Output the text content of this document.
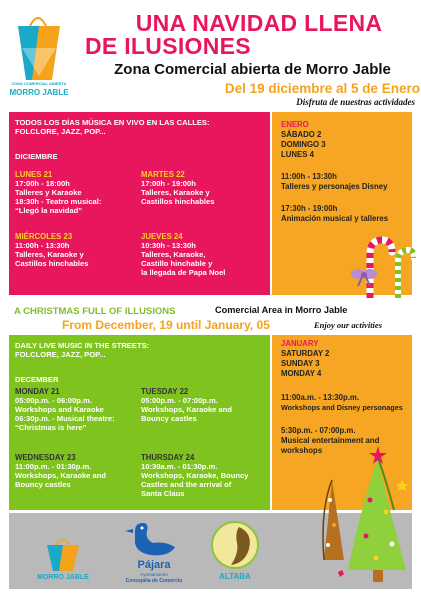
ZONA COMERCIAL ABIERTA
MORRO JABLE
UNA NAVIDAD LLENA
DE ILUSIONES
Zona Comercial abierta de Morro Jable
Del 19 diciembre al 5 de Enero
Disfruta de nuestras actividades
TODOS LOS DÍAS MÚSICA EN VIVO EN LAS CALLES:
FOLCLORE, JAZZ, POP...
DICIEMBRE
LUNES 21
17:00h - 18:00h
Talleres y Karaoke
18:30h - Teatro musical:
“Llegó la navidad”
MARTES 22
17:00h - 19:00h
Talleres, Karaoke y
Castillos hinchables
MIÉRCOLES 23
11:00h - 13:30h
Talleres, Karaoke y
Castillos hinchables
JUEVES 24
10:30h - 13:30h
Talleres, Karaoke,
Castillo hinchable y
la llegada de Papa Noel
ENERO
SÁBADO 2
DOMINGO 3
LUNES 4
11:00h - 13:30h
Talleres y personajes Disney
17:30h - 19:00h
Animación musical y talleres
A CHRISTMAS FULL OF ILLUSIONS	Comercial Area in Morro Jable
From December, 19 until January, 05	Enjoy our activities
DAILY LIVE MUSIC IN THE STREETS:
FOLCLORE, JAZZ, POP...
DECEMBER
MONDAY 21
05:00p.m. - 06:00p.m.
Workshops and Karaoke
06:30p.m. - Musical theatre:
“Christmas is here”
TUESDAY 22
05:00p.m. - 07:00p.m.
Workshops, Karaoke and
Bouncy castles
WEDNESDAY 23
11:00p.m. - 01:30p.m.
Workshops, Karaoke and
Bouncy castles
THURSDAY 24
10:30a.m. - 01:30p.m.
Workshops, Karaoke, Bouncy
Castles and the arrival of
Santa Claus
JANUARY
SATURDAY 2
SUNDAY 3
MONDAY 4
11:00a.m. - 13:30p.m.
Workshops and Disney personages
5:30p.m. - 07:00p.m.
Musical entertainment and
workshops
MORRO JABLE
Pájara
Ayuntamiento
Concejalía de Comercio	ALTABA
